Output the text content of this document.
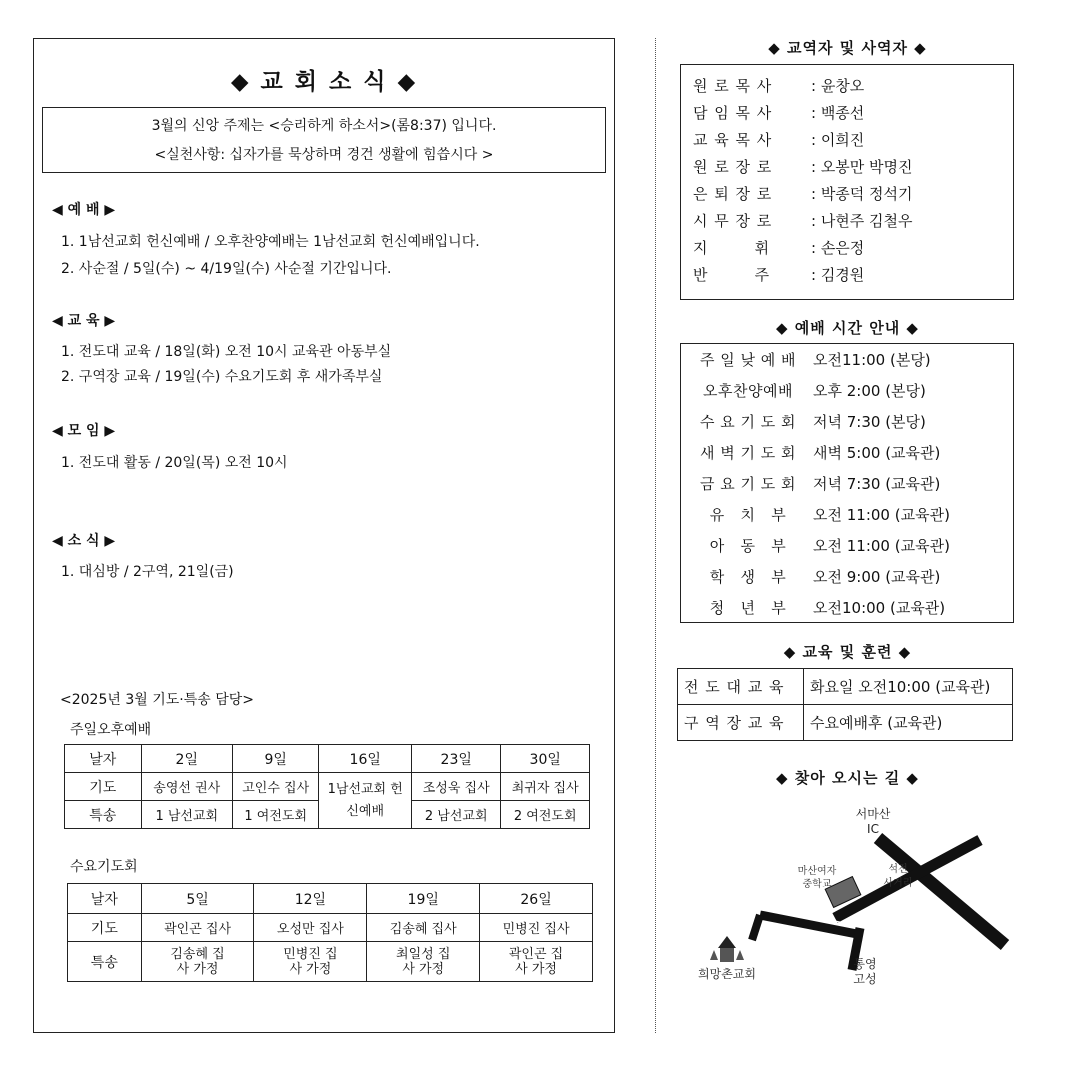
◆ 교 회 소 식 ◆
3월의 신앙 주제는 <승리하게 하소서>(롬8:37) 입니다.
<실천사항: 십자가를 묵상하며 경건 생활에 힘씁시다 >
◀ 예 배 ▶
1. 1남선교회 헌신예배 / 오후찬양예배는 1남선교회 헌신예배입니다.
2. 사순절 / 5일(수) ~ 4/19일(수) 사순절 기간입니다.
◀ 교 육 ▶
1. 전도대 교육 / 18일(화) 오전 10시 교육관 아동부실
2. 구역장 교육 / 19일(수) 수요기도회 후 새가족부실
◀ 모 임 ▶
1. 전도대 활동 / 20일(목) 오전 10시
◀ 소 식 ▶
1. 대심방 / 2구역, 21일(금)
<2025년 3월 기도·특송 담당>
주일오후예배
날자	2일	9일	16일	23일	30일
기도	송영선 권사	고인수 집사	1남선교회 헌신예배	조성욱 집사	최귀자 집사
특송	1 남선교회	1 여전도회		2 남선교회	2 여전도회
수요기도회
날자	5일	12일	19일	26일
기도	곽인곤 집사	오성만 집사	김송혜 집사	민병진 집사
특송	김송혜 집사 가정	민병진 집사 가정	최일성 집사 가정	곽인곤 집사 가정
◆ 교역자 및 사역자 ◆
원 로 목 사	: 윤창오
담 임 목 사	: 백종선
교 육 목 사	: 이희진
원 로 장 로	: 오봉만 박명진
은 퇴 장 로	: 박종덕 정석기
시 무 장 로	: 나현주 김철우
지        휘	: 손은정
반        주	: 김경원
◆ 예배 시간 안내 ◆
주 일 낮 예 배	오전11:00 (본당)
오후찬양예배	오후 2:00 (본당)
수 요 기 도 회	저녁 7:30 (본당)
새 벽 기 도 회	새벽 5:00 (교육관)
금 요 기 도 회	저녁 7:30 (교육관)
유   치   부	오전 11:00 (교육관)
아   동   부	오전 11:00 (교육관)
학   생   부	오전 9:00 (교육관)
청   년   부	오전10:00 (교육관)
◆ 교육 및 훈련 ◆
전 도 대 교 육	화요일 오전10:00 (교육관)
구 역 장 교 육	수요예배후 (교육관)
◆ 찾아 오시는 길 ◆
서마산
IC
마산여자
중학교
석전
사거리
희망촌교회
통영
고성
